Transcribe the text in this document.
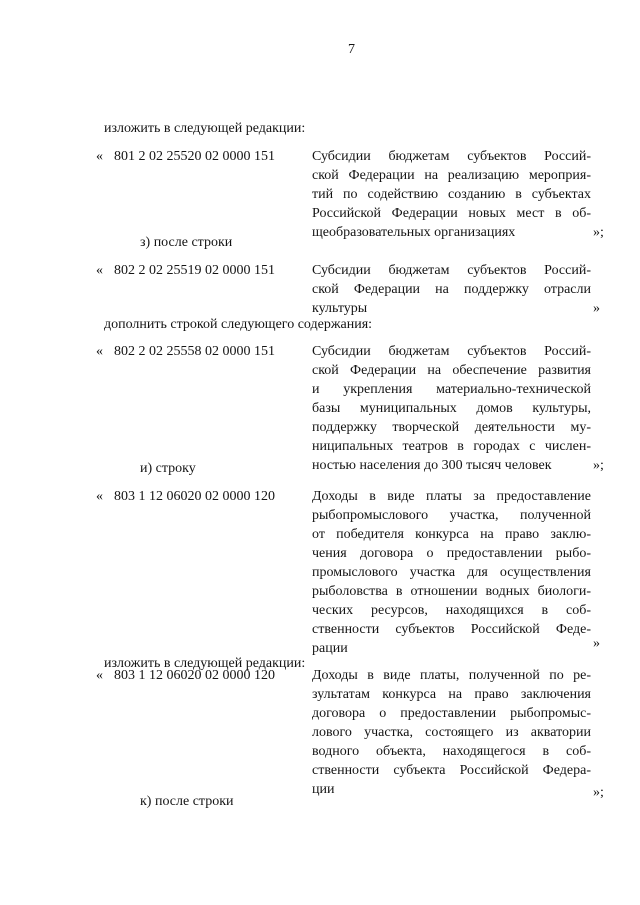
7
изложить в следующей редакции:
« 801 2 02 25520 02 0000 151	Субсидии бюджетам субъектов Россий-
ской Федерации на реализацию мероприя-
тий по содействию созданию в субъектах
Российской Федерации новых мест в об-
щеобразовательных организациях	»;
з) после строки
« 802 2 02 25519 02 0000 151	Субсидии бюджетам субъектов Россий-
ской Федерации на поддержку отрасли
культуры	»
дополнить строкой следующего содержания:
« 802 2 02 25558 02 0000 151	Субсидии бюджетам субъектов Россий-
ской Федерации на обеспечение развития
и укрепления материально-технической
базы муниципальных домов культуры,
поддержку творческой деятельности му-
ниципальных театров в городах с числен-
ностью населения до 300 тысяч человек	»;
и) строку
« 803 1 12 06020 02 0000 120	Доходы в виде платы за предоставление
рыбопромыслового участка, полученной
от победителя конкурса на право заклю-
чения договора о предоставлении рыбо-
промыслового участка для осуществления
рыболовства в отношении водных биологи-
ческих ресурсов, находящихся в соб-
ственности субъектов Российской Феде-
рации	»
изложить в следующей редакции:
« 803 1 12 06020 02 0000 120	Доходы в виде платы, полученной по ре-
зультатам конкурса на право заключения
договора о предоставлении рыбопромыс-
лового участка, состоящего из акватории
водного объекта, находящегося в соб-
ственности субъекта Российской Федера-
ции	»;
к) после строки
